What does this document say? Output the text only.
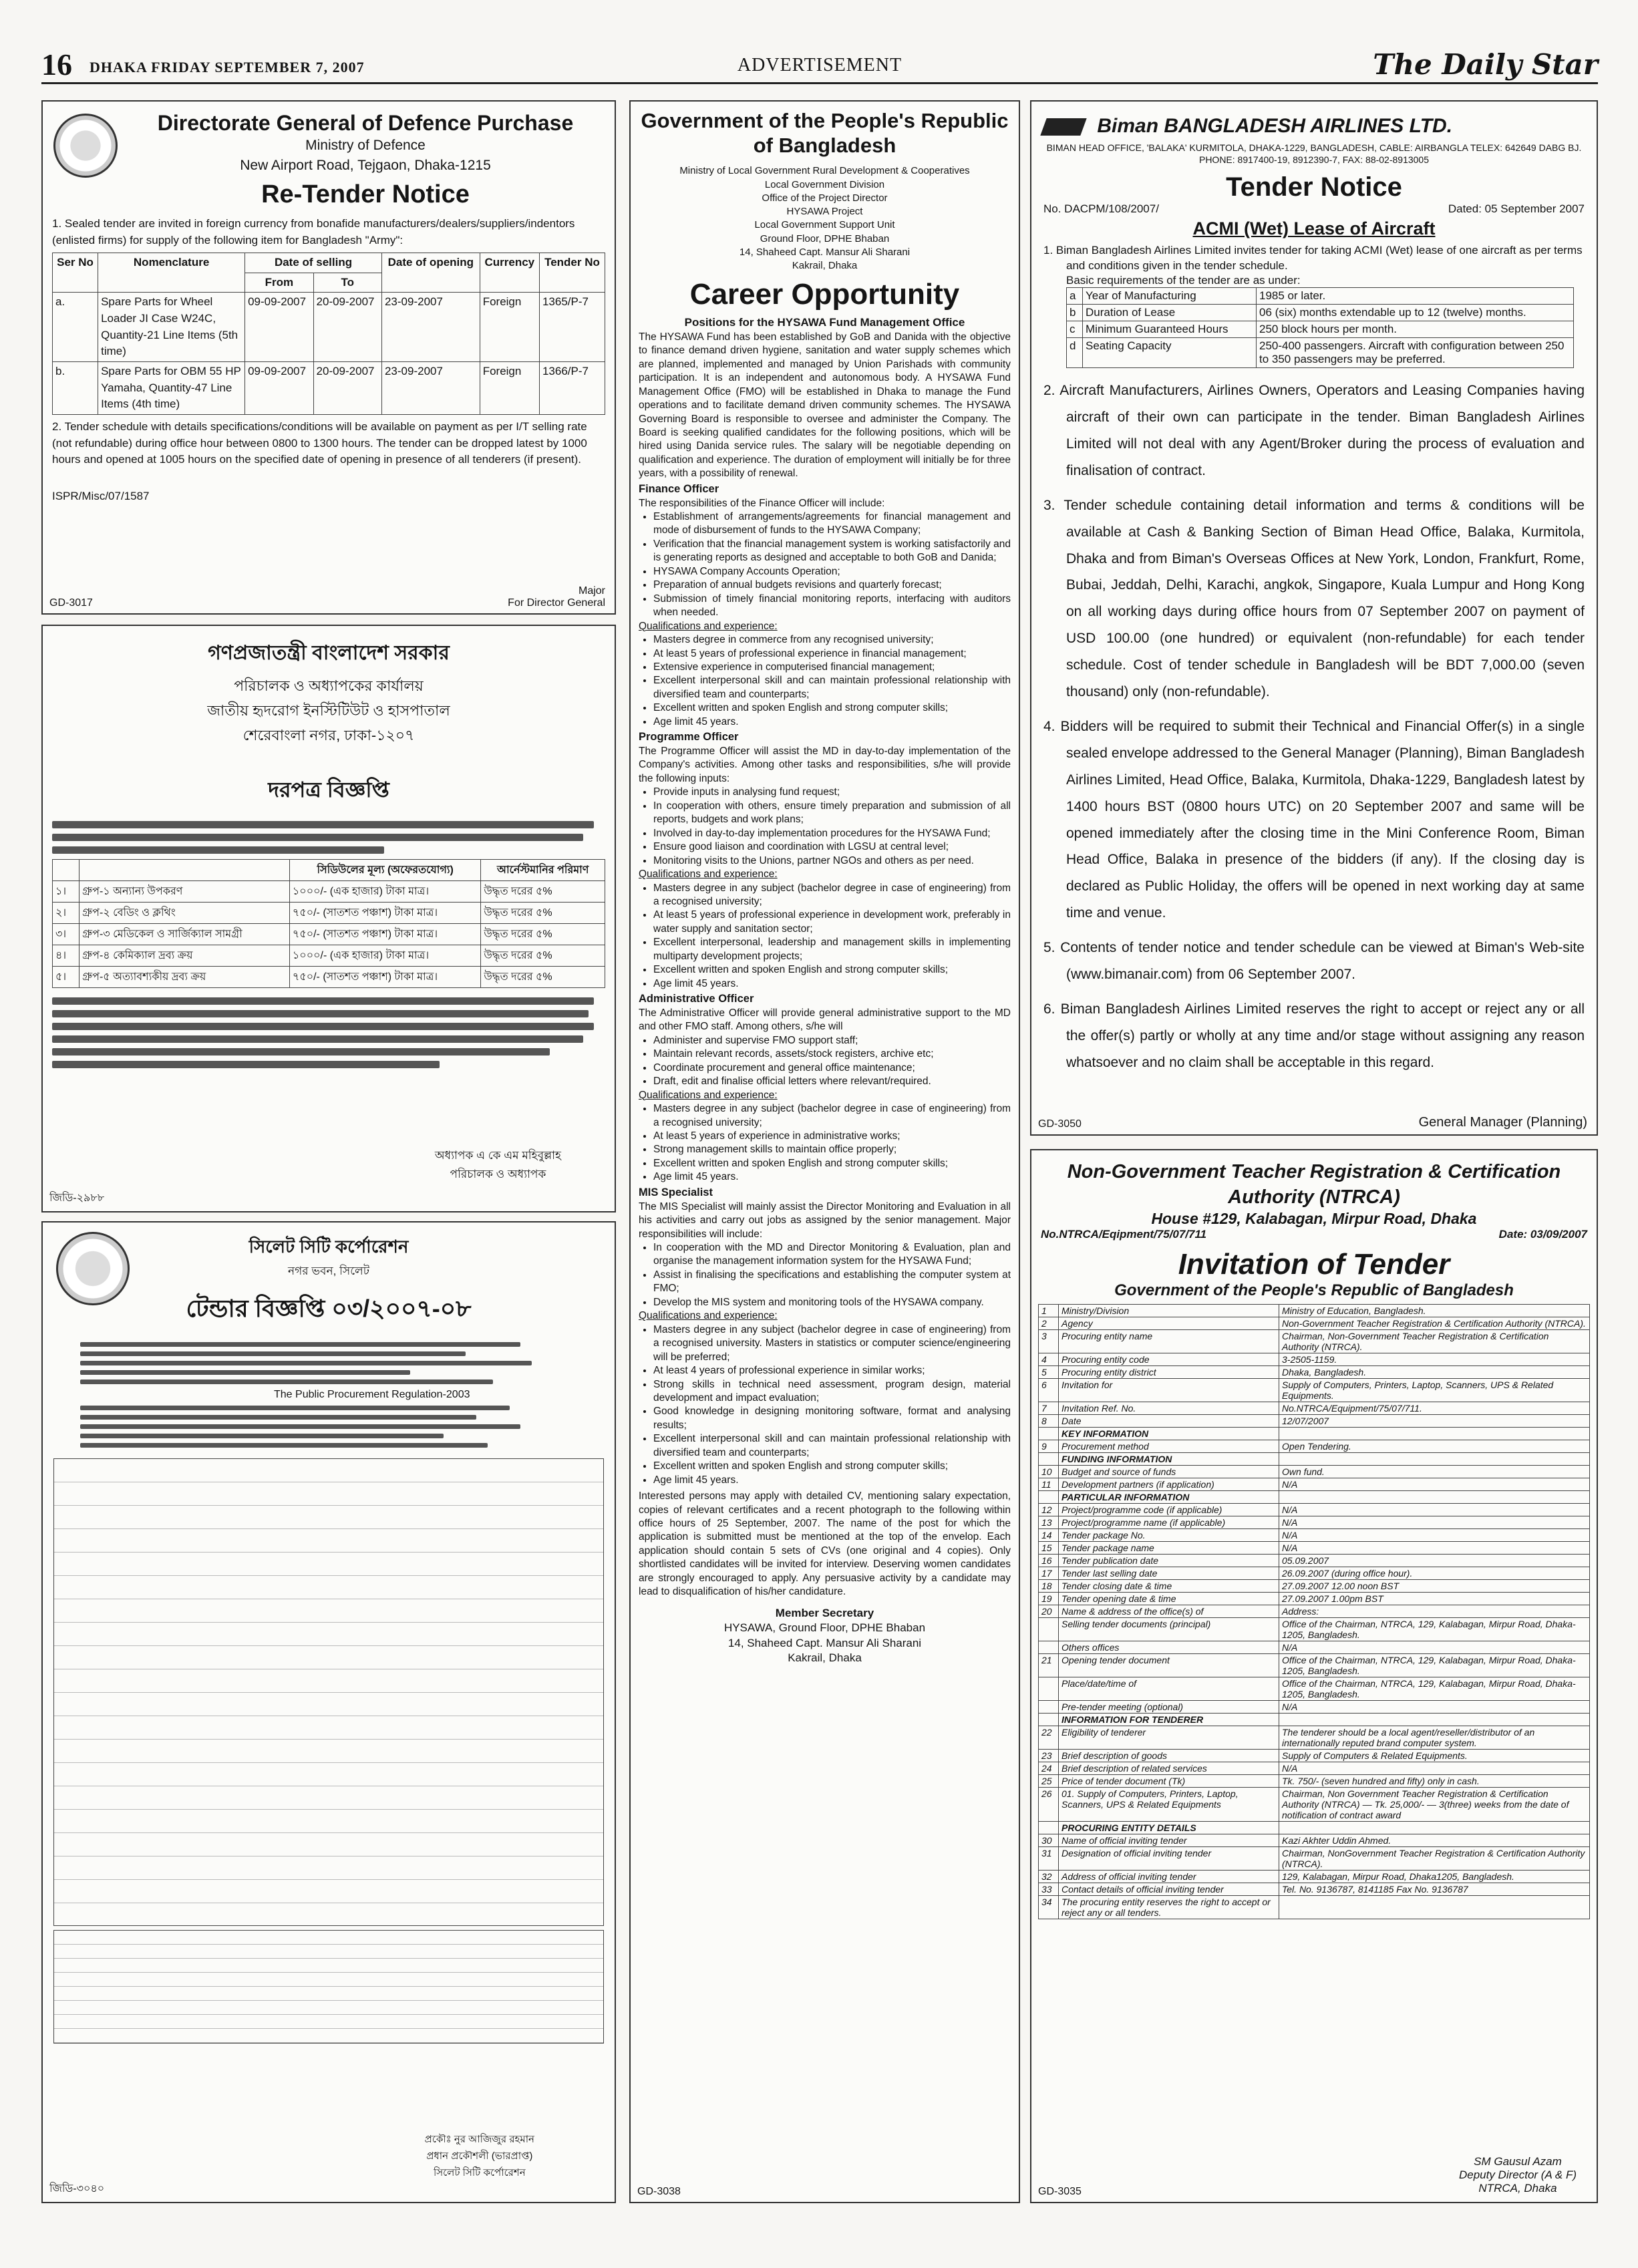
16 DHAKA FRIDAY SEPTEMBER 7, 2007	ADVERTISEMENT	The Daily Star
Directorate General of Defence Purchase
Ministry of Defence
New Airport Road, Tejgaon, Dhaka-1215
Re-Tender Notice

1. Sealed tender are invited in foreign currency from bonafide manufacturers/dealers/suppliers/indentors (enlisted firms) for supply of the following item for Bangladesh "Army":

Ser No	Nomenclature	Date of selling		Date of opening	Currency	Tender No
		From	To			
a.	Spare Parts for Wheel Loader JI Case W24C, Quantity-21 Line Items (5th time)	09-09-2007	20-09-2007	23-09-2007	Foreign	1365/P-7
b.	Spare Parts for OBM 55 HP Yamaha, Quantity-47 Line Items (4th time)	09-09-2007	20-09-2007	23-09-2007	Foreign	1366/P-7

2. Tender schedule with details specifications/conditions will be available on payment as per I/T selling rate (not refundable) during office hour between 0800 to 1300 hours. The tender can be dropped latest by 1000 hours and opened at 1005 hours on the specified date of opening in presence of all tenderers (if present).

ISPR/Misc/07/1587

GD-3017
Major
For Director General
গণপ্রজাতন্ত্রী বাংলাদেশ সরকার
পরিচালক ও অধ্যাপকের কার্যালয়
জাতীয় হৃদরোগ ইনস্টিটিউট ও হাসপাতাল
শেরেবাংলা নগর, ঢাকা-১২০৭
দরপত্র বিজ্ঞপ্তি
		সিডিউলের মূল্য (অফেরতযোগ্য)	আর্নেস্টমানির পরিমাণ
১।	গ্রুপ-১ অন্যান্য উপকরণ	১০০০/- (এক হাজার) টাকা মাত্র।	উদ্ধৃত দরের ৫%
২।	গ্রুপ-২ বেডিং ও ক্লথিং	৭৫০/- (সাতশত পঞ্চাশ) টাকা মাত্র।	উদ্ধৃত দরের ৫%
৩।	গ্রুপ-৩ মেডিকেল ও সার্জিক্যাল সামগ্রী	৭৫০/- (সাতশত পঞ্চাশ) টাকা মাত্র।	উদ্ধৃত দরের ৫%
৪।	গ্রুপ-৪ কেমিক্যাল দ্রব্য ক্রয়	১০০০/- (এক হাজার) টাকা মাত্র।	উদ্ধৃত দরের ৫%
৫।	গ্রুপ-৫ অত্যাবশ্যকীয় দ্রব্য ক্রয়	৭৫০/- (সাতশত পঞ্চাশ) টাকা মাত্র।	উদ্ধৃত দরের ৫%
অধ্যাপক এ কে এম মহিবুল্লাহ
পরিচালক ও অধ্যাপক
জিডি-২৯৮৮
সিলেট সিটি কর্পোরেশন
নগর ভবন, সিলেট
টেন্ডার বিজ্ঞপ্তি ০৩/২০০৭-০৮
The Public Procurement Regulation-2003
প্রকৌঃ নুর আজিজুর রহমান
প্রধান প্রকৌশলী (ভারপ্রাপ্ত)
সিলেট সিটি কর্পোরেশন
জিডি-৩০৪০
Government of the People's Republic of Bangladesh
Ministry of Local Government Rural Development & Cooperatives
Local Government Division
Office of the Project Director
HYSAWA Project
Local Government Support Unit
Ground Floor, DPHE Bhaban
14, Shaheed Capt. Mansur Ali Sharani
Kakrail, Dhaka
Career Opportunity
Positions for the HYSAWA Fund Management Office

The HYSAWA Fund has been established by GoB and Danida with the objective to finance demand driven hygiene, sanitation and water supply schemes which are planned, implemented and managed by Union Parishads with community participation. It is an independent and autonomous body. A HYSAWA Fund Management Office (FMO) will be established in Dhaka to manage the Fund operations and to facilitate demand driven community schemes. The HYSAWA Governing Board is responsible to oversee and administer the Company. The Board is seeking qualified candidates for the following positions, which will be hired using Danida service rules. The salary will be negotiable depending on qualification and experience. The duration of employment will initially be for three years, with a possibility of renewal.

Finance Officer
The responsibilities of the Finance Officer will include:
• Establishment of arrangements/agreements for financial management and mode of disbursement of funds to the HYSAWA Company;
• Verification that the financial management system is working satisfactorily and is generating reports as designed and acceptable to both GoB and Danida;
• HYSAWA Company Accounts Operation;
• Preparation of annual budgets revisions and quarterly forecast;
• Submission of timely financial monitoring reports, interfacing with auditors when needed.
Qualifications and experience:
• Masters degree in commerce from any recognised university;
• At least 5 years of professional experience in financial management;
• Extensive experience in computerised financial management;
• Excellent interpersonal skill and can maintain professional relationship with diversified team and counterparts;
• Excellent written and spoken English and strong computer skills;
• Age limit 45 years.
Programme Officer
The Programme Officer will assist the MD in day-to-day implementation of the Company's activities. Among other tasks and responsibilities, s/he will provide the following inputs:
• Provide inputs in analysing fund request;
• In cooperation with others, ensure timely preparation and submission of all reports, budgets and work plans;
• Involved in day-to-day implementation procedures for the HYSAWA Fund;
• Ensure good liaison and coordination with LGSU at central level;
• Monitoring visits to the Unions, partner NGOs and others as per need.
Qualifications and experience:
• Masters degree in any subject (bachelor degree in case of engineering) from a recognised university;
• At least 5 years of professional experience in development work, preferably in water supply and sanitation sector;
• Excellent interpersonal, leadership and management skills in implementing multiparty development projects;
• Excellent written and spoken English and strong computer skills;
• Age limit 45 years.
Administrative Officer
The Administrative Officer will provide general administrative support to the MD and other FMO staff. Among others, s/he will
• Administer and supervise FMO support staff;
• Maintain relevant records, assets/stock registers, archive etc;
• Coordinate procurement and general office maintenance;
• Draft, edit and finalise official letters where relevant/required.
Qualifications and experience:
• Masters degree in any subject (bachelor degree in case of engineering) from a recognised university;
• At least 5 years of experience in administrative works;
• Strong management skills to maintain office properly;
• Excellent written and spoken English and strong computer skills;
• Age limit 45 years.
MIS Specialist
The MIS Specialist will mainly assist the Director Monitoring and Evaluation in all his activities and carry out jobs as assigned by the senior management. Major responsibilities will include:
• In cooperation with the MD and Director Monitoring & Evaluation, plan and organise the management information system for the HYSAWA Fund;
• Assist in finalising the specifications and establishing the computer system at FMO;
• Develop the MIS system and monitoring tools of the HYSAWA company.
Qualifications and experience:
• Masters degree in any subject (bachelor degree in case of engineering) from a recognised university. Masters in statistics or computer science/engineering will be preferred;
• At least 4 years of professional experience in similar works;
• Strong skills in technical need assessment, program design, material development and impact evaluation;
• Good knowledge in designing monitoring software, format and analysing results;
• Excellent interpersonal skill and can maintain professional relationship with diversified team and counterparts;
• Excellent written and spoken English and strong computer skills;
• Age limit 45 years.

Interested persons may apply with detailed CV, mentioning salary expectation, copies of relevant certificates and a recent photograph to the following within office hours of 25 September, 2007. The name of the post for which the application is submitted must be mentioned at the top of the envelop. Each application should contain 5 sets of CVs (one original and 4 copies). Only shortlisted candidates will be invited for interview. Deserving women candidates are strongly encouraged to apply. Any persuasive activity by a candidate may lead to disqualification of his/her candidature.

Member Secretary
HYSAWA, Ground Floor, DPHE Bhaban
14, Shaheed Capt. Mansur Ali Sharani
Kakrail, Dhaka
GD-3038
Biman BANGLADESH AIRLINES LTD.
BIMAN HEAD OFFICE, 'BALAKA' KURMITOLA, DHAKA-1229, BANGLADESH, CABLE: AIRBANGLA TELEX: 642649 DABG BJ. PHONE: 8917400-19, 8912390-7, FAX: 88-02-8913005
Tender Notice
No. DACPM/108/2007/	Dated: 05 September 2007
ACMI (Wet) Lease of Aircraft
1. Biman Bangladesh Airlines Limited invites tender for taking ACMI (Wet) lease of one aircraft as per terms and conditions given in the tender schedule.
Basic requirements of the tender are as under:
a	Year of Manufacturing	1985 or later.
b	Duration of Lease	06 (six) months extendable up to 12 (twelve) months.
c	Minimum Guaranteed Hours	250 block hours per month.
d	Seating Capacity	250-400 passengers. Aircraft with configuration between 250 to 350 passengers may be preferred.
2. Aircraft Manufacturers, Airlines Owners, Operators and Leasing Companies having aircraft of their own can participate in the tender. Biman Bangladesh Airlines Limited will not deal with any Agent/Broker during the process of evaluation and finalisation of contract.
3. Tender schedule containing detail information and terms & conditions will be available at Cash & Banking Section of Biman Head Office, Balaka, Kurmitola, Dhaka and from Biman's Overseas Offices at New York, London, Frankfurt, Rome, Bubai, Jeddah, Delhi, Karachi, angkok, Singapore, Kuala Lumpur and Hong Kong on all working days during office hours from 07 September 2007 on payment of USD 100.00 (one hundred) or equivalent (non-refundable) for each tender schedule. Cost of tender schedule in Bangladesh will be BDT 7,000.00 (seven thousand) only (non-refundable).
4. Bidders will be required to submit their Technical and Financial Offer(s) in a single sealed envelope addressed to the General Manager (Planning), Biman Bangladesh Airlines Limited, Head Office, Balaka, Kurmitola, Dhaka-1229, Bangladesh latest by 1400 hours BST (0800 hours UTC) on 20 September 2007 and same will be opened immediately after the closing time in the Mini Conference Room, Biman Head Office, Balaka in presence of the bidders (if any). If the closing day is declared as Public Holiday, the offers will be opened in next working day at same time and venue.
5. Contents of tender notice and tender schedule can be viewed at Biman's Web-site (www.bimanair.com) from 06 September 2007.
6. Biman Bangladesh Airlines Limited reserves the right to accept or reject any or all the offer(s) partly or wholly at any time and/or stage without assigning any reason whatsoever and no claim shall be acceptable in this regard.
GD-3050	General Manager (Planning)
Non-Government Teacher Registration & Certification Authority (NTRCA)
House #129, Kalabagan, Mirpur Road, Dhaka
No.NTRCA/Eqipment/75/07/711	Date: 03/09/2007
Invitation of Tender
Government of the People's Republic of Bangladesh
1	Ministry/Division	Ministry of Education, Bangladesh.
2	Agency	Non-Government Teacher Registration & Certification Authority (NTRCA).
3	Procuring entity name	Chairman, Non-Government Teacher Registration & Certification Authority (NTRCA).
4	Procuring entity code	3-2505-1159.
5	Procuring entity district	Dhaka, Bangladesh.
6	Invitation for	Supply of Computers, Printers, Laptop, Scanners, UPS & Related Equipments.
7	Invitation Ref. No.	No.NTRCA/Equipment/75/07/711.
8	Date	12/07/2007
	KEY INFORMATION	
9	Procurement method	Open Tendering.
	FUNDING INFORMATION	
10	Budget and source of funds	Own fund.
11	Development partners (if application)	N/A
	PARTICULAR INFORMATION	
12	Project/programme code (if applicable)	N/A
13	Project/programme name (if applicable)	N/A
14	Tender package No.	N/A
15	Tender package name	N/A
16	Tender publication date	05.09.2007
17	Tender last selling date	26.09.2007 (during office hour).
18	Tender closing date & time	27.09.2007 12.00 noon BST
19	Tender opening date & time	27.09.2007 1.00pm BST
20	Name & address of the office(s) of	Address:
	Selling tender documents (principal)	Office of the Chairman, NTRCA, 129, Kalabagan, Mirpur Road, Dhaka-1205, Bangladesh.
	Others offices	N/A
21	Opening tender document	Office of the Chairman, NTRCA, 129, Kalabagan, Mirpur Road, Dhaka-1205, Bangladesh.
	Place/date/time of	Office of the Chairman, NTRCA, 129, Kalabagan, Mirpur Road, Dhaka-1205, Bangladesh.
	Pre-tender meeting (optional)	N/A
	INFORMATION FOR TENDERER	
22	Eligibility of tenderer	The tenderer should be a local agent/reseller/distributor of an internationally reputed brand computer system.
23	Brief description of goods	Supply of Computers & Related Equipments.
24	Brief description of related services	N/A
25	Price of tender document (Tk)	Tk. 750/- (seven hundred and fifty) only in cash.
26	01. Supply of Computers, Printers, Laptop, Scanners, UPS & Related Equipments	Chairman, Non Government Teacher Registration & Certification Authority (NTRCA) — Tk. 25,000/- — 3(three) weeks from the date of notification of contract award
	PROCURING ENTITY DETAILS	
30	Name of official inviting tender	Kazi Akhter Uddin Ahmed.
31	Designation of official inviting tender	Chairman, NonGovernment Teacher Registration & Certification Authority (NTRCA).
32	Address of official inviting tender	129, Kalabagan, Mirpur Road, Dhaka1205, Bangladesh.
33	Contact details of official inviting tender	Tel. No. 9136787, 8141185 Fax No. 9136787
34	The procuring entity reserves the right to accept or reject any or all tenders.	
SM Gausul Azam
Deputy Director (A & F)
NTRCA, Dhaka
GD-3035
